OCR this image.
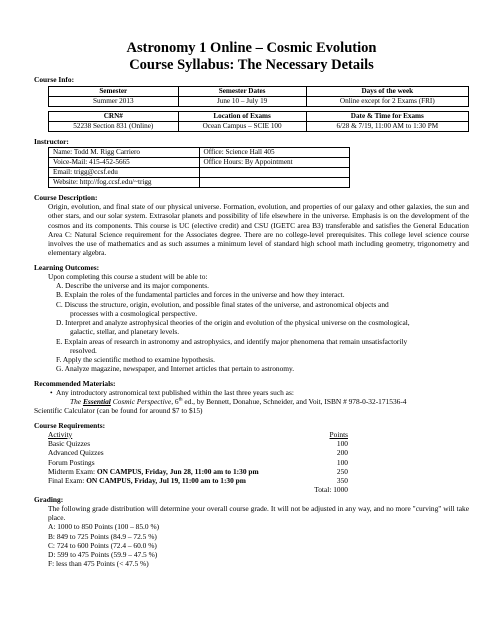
Astronomy 1 Online – Cosmic Evolution
Course Syllabus: The Necessary Details
Course Info:
Semester	Semester Dates	Days of the week
Summer 2013	June 10 – July 19	Online except for 2 Exams (FRI)

CRN#	Location of Exams	Date & Time for Exams
52238 Section 831 (Online)	Ocean Campus – SCIE 100	6/28 & 7/19, 11:00 AM to 1:30 PM
Instructor:
Name: Todd M. Rigg Carriero	Office: Science Hall 405
Voice-Mail: 415-452-5665	Office Hours: By Appointment
Email: trigg@ccsf.edu	
Website: http://fog.ccsf.edu/~trigg	
Course Description:
Origin, evolution, and final state of our physical universe. Formation, evolution, and properties of our galaxy and other galaxies, the sun and other stars, and our solar system. Extrasolar planets and possibility of life elsewhere in the universe. Emphasis is on the development of the cosmos and its components. This course is UC (elective credit) and CSU (IGETC area B3) transferable and satisfies the General Education Area C: Natural Science requirement for the Associates degree. There are no college-level prerequisites. This college level science course involves the use of mathematics and as such assumes a minimum level of standard high school math including geometry, trigonometry and elementary algebra.
Learning Outcomes:
Upon completing this course a student will be able to:
A. Describe the universe and its major components.
B. Explain the roles of the fundamental particles and forces in the universe and how they interact.
C. Discuss the structure, origin, evolution, and possible final states of the universe, and astronomical objects and
processes with a cosmological perspective.
D. Interpret and analyze astrophysical theories of the origin and evolution of the physical universe on the cosmological,
galactic, stellar, and planetary levels.
E. Explain areas of research in astronomy and astrophysics, and identify major phenomena that remain unsatisfactorily
resolved.
F. Apply the scientific method to examine hypothesis.
G. Analyze magazine, newspaper, and Internet articles that pertain to astronomy.
Recommended Materials:
• Any introductory astronomical text published within the last three years such as:
The Essential Cosmic Perspective, 6th ed., by Bennett, Donahue, Schneider, and Voit, ISBN # 978-0-32-171536-4
Scientific Calculator (can be found for around $7 to $15)
Course Requirements:
Activity	Points
Basic Quizzes	100
Advanced Quizzes	200
Forum Postings	100
Midterm Exam: ON CAMPUS, Friday, Jun 28, 11:00 am to 1:30 pm	250
Final Exam: ON CAMPUS, Friday, Jul 19, 11:00 am to 1:30 pm	350
Total: 1000
Grading:
The following grade distribution will determine your overall course grade. It will not be adjusted in any way, and no more "curving" will take place.
A: 1000 to 850 Points (100 – 85.0 %)
B: 849 to 725 Points (84.9 – 72.5 %)
C: 724 to 600 Points (72.4 – 60.0 %)
D: 599 to 475 Points (59.9 – 47.5 %)
F: less than 475 Points (< 47.5 %)
